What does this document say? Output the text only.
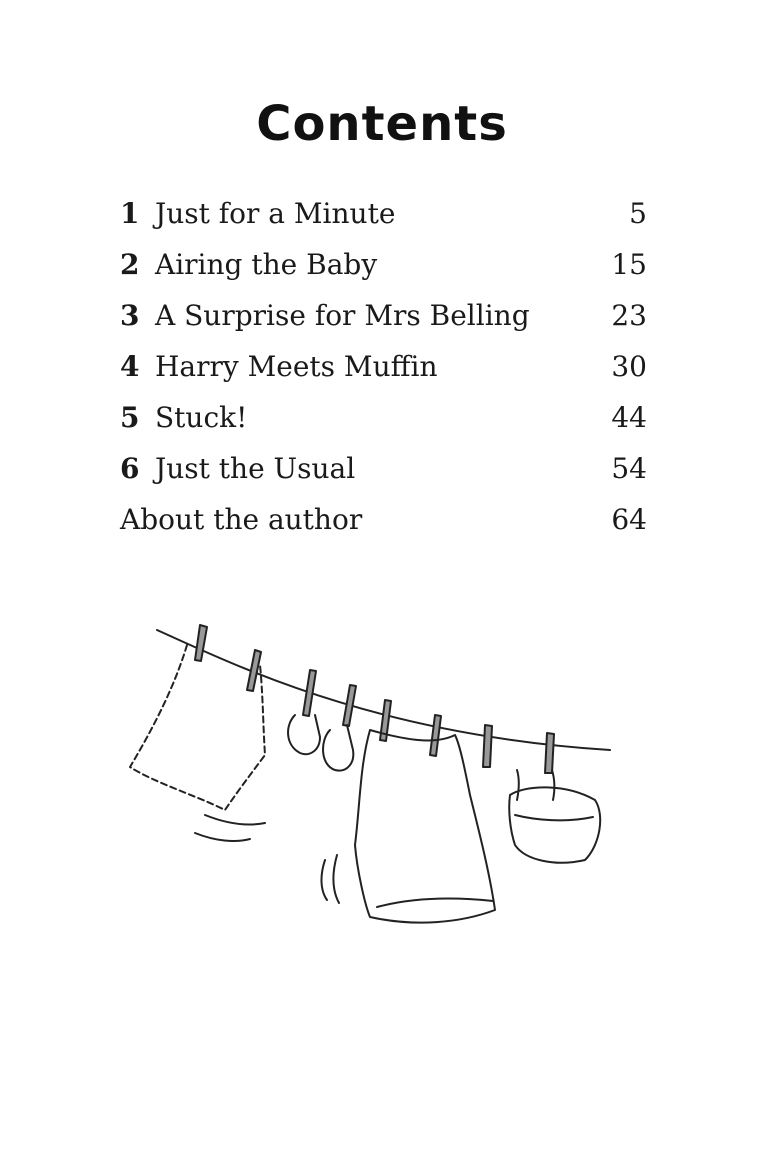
Contents
1 Just for a Minute	5
2 Airing the Baby	15
3 A Surprise for Mrs Belling	23
4 Harry Meets Muffin	30
5 Stuck!	44
6 Just the Usual	54
About the author	64
